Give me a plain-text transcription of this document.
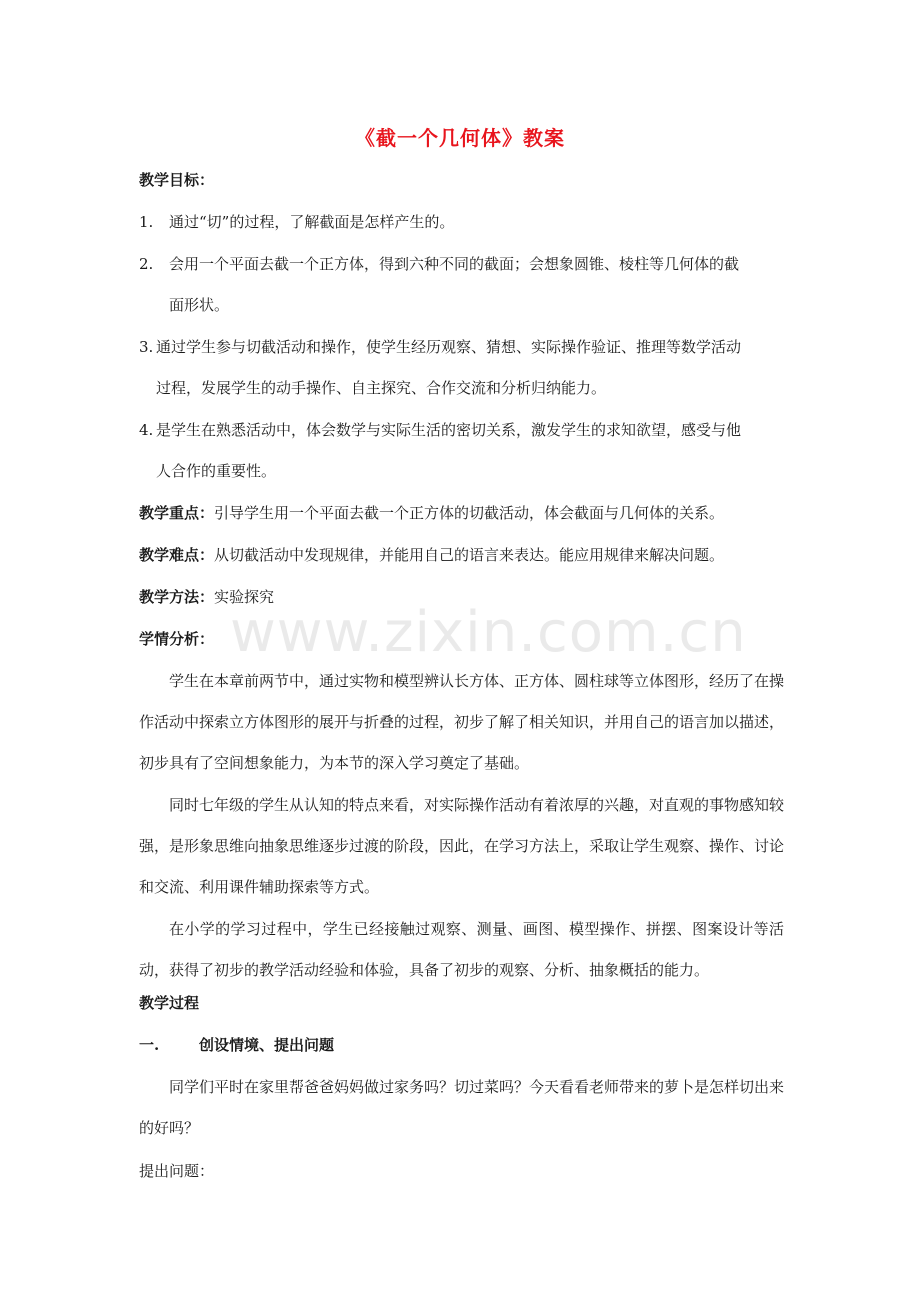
www.zixin.com.cn
《截一个几何体》教案
教学目标：
1.	通过“切”的过程，了解截面是怎样产生的。

2.	会用一个平面去截一个正方体，得到六种不同的截面；会想象圆锥、棱柱等几何体的截

面形状。

3. 通过学生参与切截活动和操作，使学生经历观察、猜想、实际操作验证、推理等数学活动

过程，发展学生的动手操作、自主探究、合作交流和分析归纳能力。

4. 是学生在熟悉活动中，体会数学与实际生活的密切关系，激发学生的求知欲望，感受与他

人合作的重要性。

教学重点：引导学生用一个平面去截一个正方体的切截活动，体会截面与几何体的关系。
教学难点：从切截活动中发现规律，并能用自己的语言来表达。能应用规律来解决问题。
教学方法：实验探究
学情分析：

学生在本章前两节中，通过实物和模型辨认长方体、正方体、圆柱球等立体图形，经历了在操作活动中探索立方体图形的展开与折叠的过程，初步了解了相关知识，并用自己的语言加以描述，初步具有了空间想象能力，为本节的深入学习奠定了基础。

同时七年级的学生从认知的特点来看，对实际操作活动有着浓厚的兴趣，对直观的事物感知较强，是形象思维向抽象思维逐步过渡的阶段，因此，在学习方法上，采取让学生观察、操作、讨论和交流、利用课件辅助探索等方式。

在小学的学习过程中，学生已经接触过观察、测量、画图、模型操作、拼摆、图案设计等活动，获得了初步的教学活动经验和体验，具备了初步的观察、分析、抽象概括的能力。

教学过程
一.	创设情境、提出问题

同学们平时在家里帮爸爸妈妈做过家务吗？切过菜吗？今天看看老师带来的萝卜是怎样切出来的好吗？

提出问题：
